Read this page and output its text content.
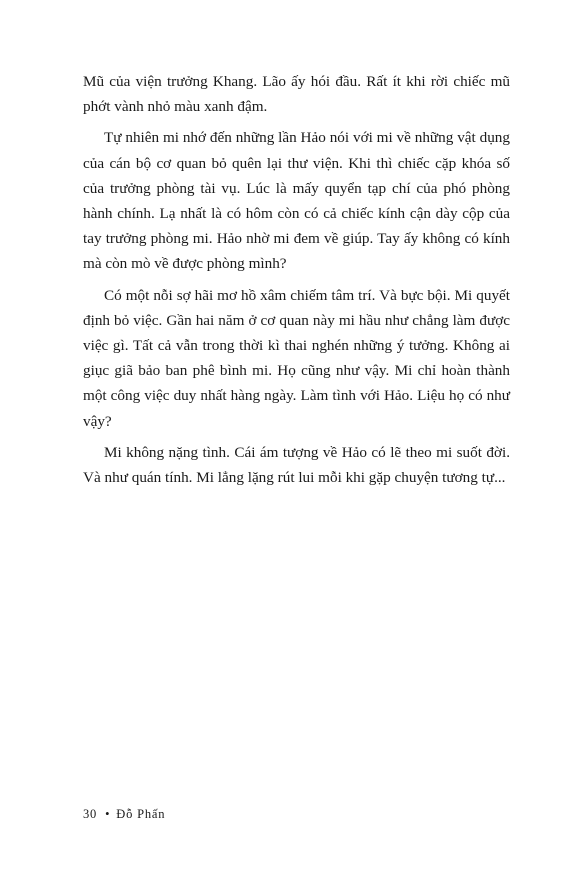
Mũ của viện trưởng Khang. Lão ấy hói đầu. Rất ít khi rời chiếc mũ phớt vành nhỏ màu xanh đậm.

Tự nhiên mi nhớ đến những lần Hảo nói với mi về những vật dụng của cán bộ cơ quan bỏ quên lại thư viện. Khi thì chiếc cặp khóa số của trưởng phòng tài vụ. Lúc là mấy quyển tạp chí của phó phòng hành chính. Lạ nhất là có hôm còn có cả chiếc kính cận dày cộp của tay trưởng phòng mi. Hảo nhờ mi đem về giúp. Tay ấy không có kính mà còn mò về được phòng mình?

Có một nỗi sợ hãi mơ hồ xâm chiếm tâm trí. Và bực bội. Mi quyết định bỏ việc. Gần hai năm ở cơ quan này mi hầu như chẳng làm được việc gì. Tất cả vẫn trong thời kì thai nghén những ý tưởng. Không ai giục giã bảo ban phê bình mi. Họ cũng như vậy. Mi chỉ hoàn thành một công việc duy nhất hàng ngày. Làm tình với Hảo. Liệu họ có như vậy?

Mi không nặng tình. Cái ám tượng về Hảo có lẽ theo mi suốt đời. Và như quán tính. Mi lẳng lặng rút lui mỗi khi gặp chuyện tương tự...

30 • Đỗ Phấn
